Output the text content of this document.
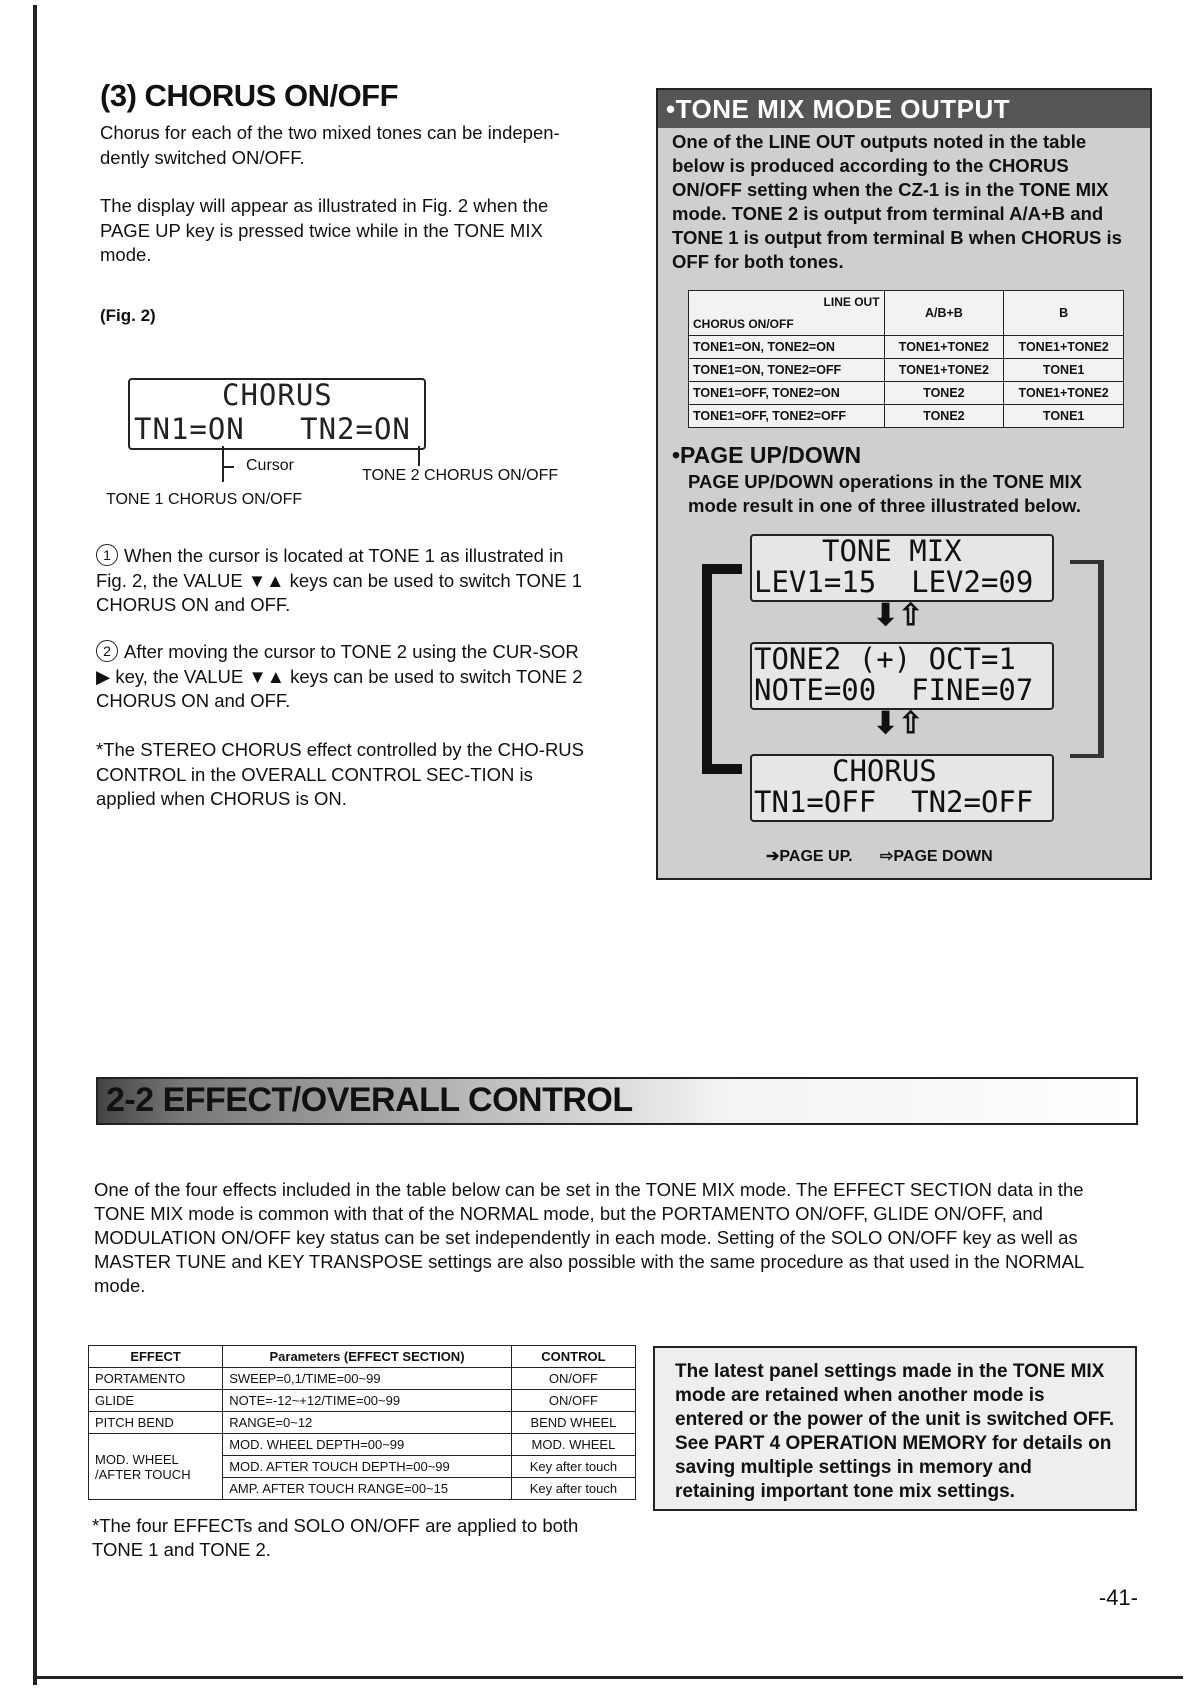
(3) CHORUS ON/OFF

Chorus for each of the two mixed tones can be indepen-dently switched ON/OFF.

The display will appear as illustrated in Fig. 2 when the PAGE UP key is pressed twice while in the TONE MIX mode.

(Fig. 2)

CHORUS
TN1=ON   TN2=ON
Cursor
TONE 2 CHORUS ON/OFF
TONE 1 CHORUS ON/OFF
1 When the cursor is located at TONE 1 as illustrated in Fig. 2, the VALUE ▼▲ keys can be used to switch TONE 1 CHORUS ON and OFF.
2 After moving the cursor to TONE 2 using the CUR-SOR ▶ key, the VALUE ▼▲ keys can be used to switch TONE 2 CHORUS ON and OFF.

*The STEREO CHORUS effect controlled by the CHO-RUS CONTROL in the OVERALL CONTROL SEC-TION is applied when CHORUS is ON.

•TONE MIX MODE OUTPUT
One of the LINE OUT outputs noted in the table below is produced according to the CHORUS ON/OFF setting when the CZ-1 is in the TONE MIX mode. TONE 2 is output from terminal A/A+B and TONE 1 is output from terminal B when CHORUS is OFF for both tones.
LINE OUT
CHORUS ON/OFF	A/B+B	B
TONE1=ON, TONE2=ON	TONE1+TONE2	TONE1+TONE2
TONE1=ON, TONE2=OFF	TONE1+TONE2	TONE1
TONE1=OFF, TONE2=ON	TONE2	TONE1+TONE2
TONE1=OFF, TONE2=OFF	TONE2	TONE1
•PAGE UP/DOWN
PAGE UP/DOWN operations in the TONE MIX mode result in one of three illustrated below.
TONE MIX
LEV1=15  LEV2=09
⬇⇧
TONE2 (+) OCT=1
NOTE=00  FINE=07
⬇⇧
CHORUS
TN1=OFF  TN2=OFF
➔PAGE UP. ⇨PAGE DOWN
2-2 EFFECT/OVERALL CONTROL

One of the four effects included in the table below can be set in the TONE MIX mode. The EFFECT SECTION data in the TONE MIX mode is common with that of the NORMAL mode, but the PORTAMENTO ON/OFF, GLIDE ON/OFF, and MODULATION ON/OFF key status can be set independently in each mode. Setting of the SOLO ON/OFF key as well as MASTER TUNE and KEY TRANSPOSE settings are also possible with the same procedure as that used in the NORMAL mode.

EFFECT	Parameters (EFFECT SECTION)	CONTROL
PORTAMENTO	SWEEP=0,1/TIME=00~99	ON/OFF
GLIDE	NOTE=-12~+12/TIME=00~99	ON/OFF
PITCH BEND	RANGE=0~12	BEND WHEEL

MOD. WHEEL
/AFTER TOUCH	MOD. WHEEL DEPTH=00~99	MOD. WHEEL
	MOD. AFTER TOUCH DEPTH=00~99	Key after touch
	AMP. AFTER TOUCH RANGE=00~15	Key after touch

*The four EFFECTs and SOLO ON/OFF are applied to both TONE 1 and TONE 2.

The latest panel settings made in the TONE MIX mode are retained when another mode is entered or the power of the unit is switched OFF. See PART 4 OPERATION MEMORY for details on saving multiple settings in memory and retaining important tone mix settings.
-41-
